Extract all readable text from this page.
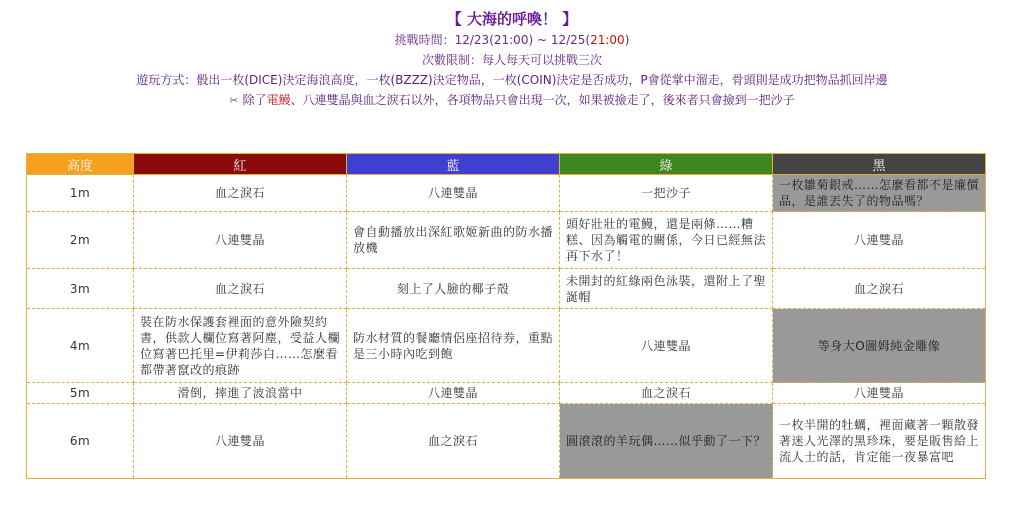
【 大海的呼喚！ 】
挑戰時間：12/23(21:00) ~ 12/25(21:00)
次數限制：每人每天可以挑戰三次
遊玩方式：骰出一枚(DICE)決定海浪高度，一枚(BZZZ)決定物品，一枚(COIN)決定是否成功，P會從掌中溜走，骨頭則是成功把物品抓回岸邊
✂ 除了電鰻、八連雙晶與血之淚石以外，各項物品只會出現一次，如果被撿走了，後來者只會撿到一把沙子
高度	紅	藍	綠	黑
1m	血之淚石	八連雙晶	一把沙子	一枚雛菊銀戒……怎麼看都不是廉價品，是誰丟失了的物品嗎？
2m	八連雙晶	會自動播放出深紅歌姬新曲的防水播放機	頭好壯壯的電鰻，還是兩條……糟糕、因為觸電的關係，今日已經無法再下水了！	八連雙晶
3m	血之淚石	刻上了人臉的椰子殼	未開封的紅綠兩色泳裝，還附上了聖誕帽	血之淚石
4m	裝在防水保護套裡面的意外險契約書，供款人欄位寫著阿塵，受益人欄位寫著巴托里=伊莉莎白……怎麼看都帶著竄改的痕跡	防水材質的餐廳情侶座招待券，重點是三小時內吃到飽	八連雙晶	等身大O圖姆純金雕像
5m	滑倒，摔進了波浪當中	八連雙晶	血之淚石	八連雙晶
6m	八連雙晶	血之淚石	圓滾滾的羊玩偶……似乎動了一下？	一枚半開的牡蠣，裡面藏著一顆散發著迷人光澤的黑珍珠，要是販售給上流人士的話，肯定能一夜暴富吧
